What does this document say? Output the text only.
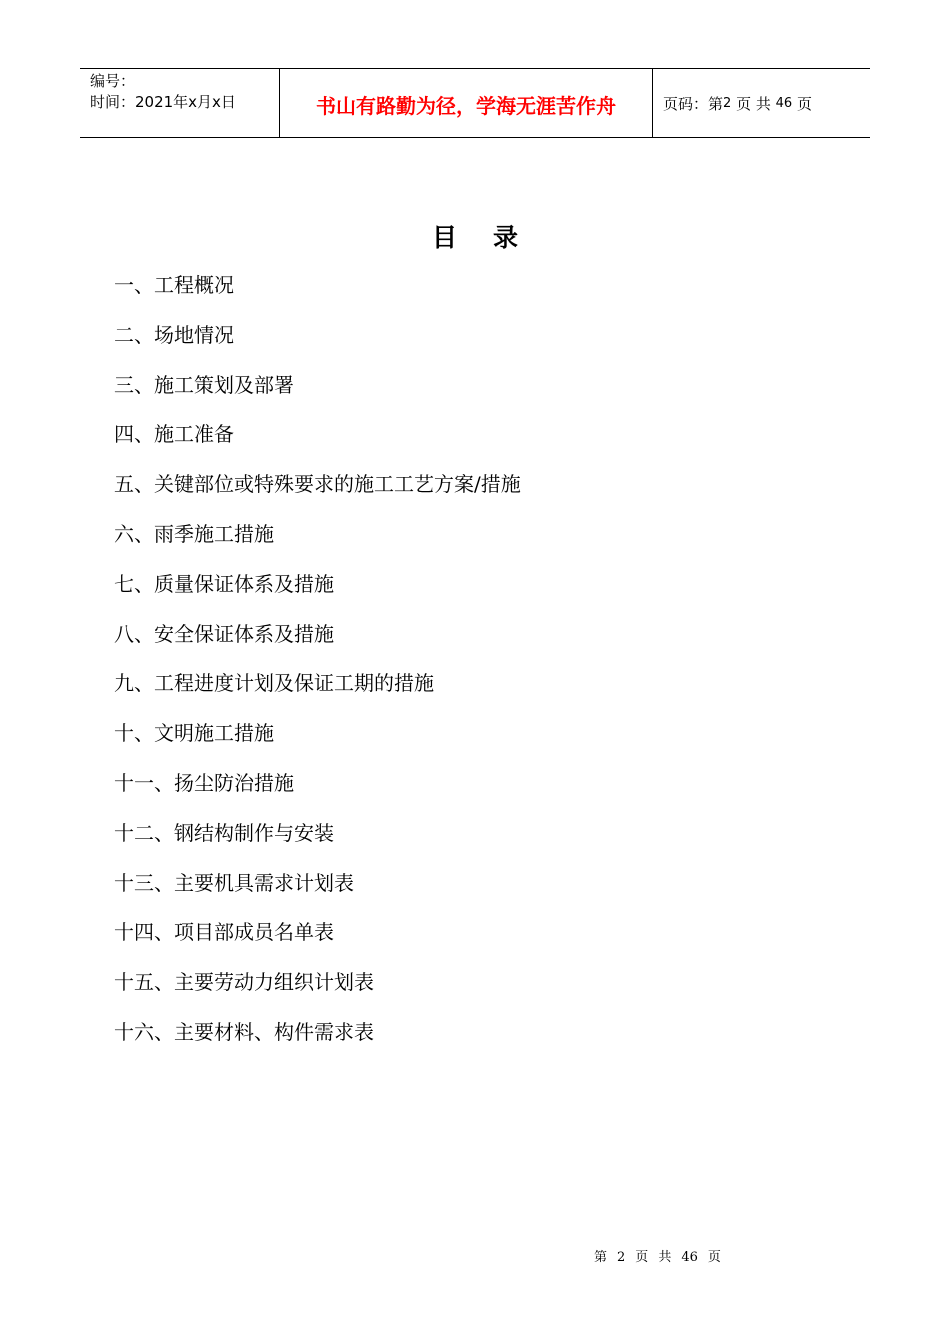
编号：
时间：2021年x月x日	书山有路勤为径，学海无涯苦作舟	页码：第 2
页 共
46
页
目录
一、工程概况
二、场地情况
三、施工策划及部署
四、施工准备
五、关键部位或特殊要求的施工工艺方案/措施
六、雨季施工措施
七、质量保证体系及措施
八、安全保证体系及措施
九、工程进度计划及保证工期的措施
十、文明施工措施
十一、扬尘防治措施
十二、钢结构制作与安装
十三、主要机具需求计划表
十四、项目部成员名单表
十五、主要劳动力组织计划表
十六、主要材料、构件需求表
第 2 页 共 46 页
